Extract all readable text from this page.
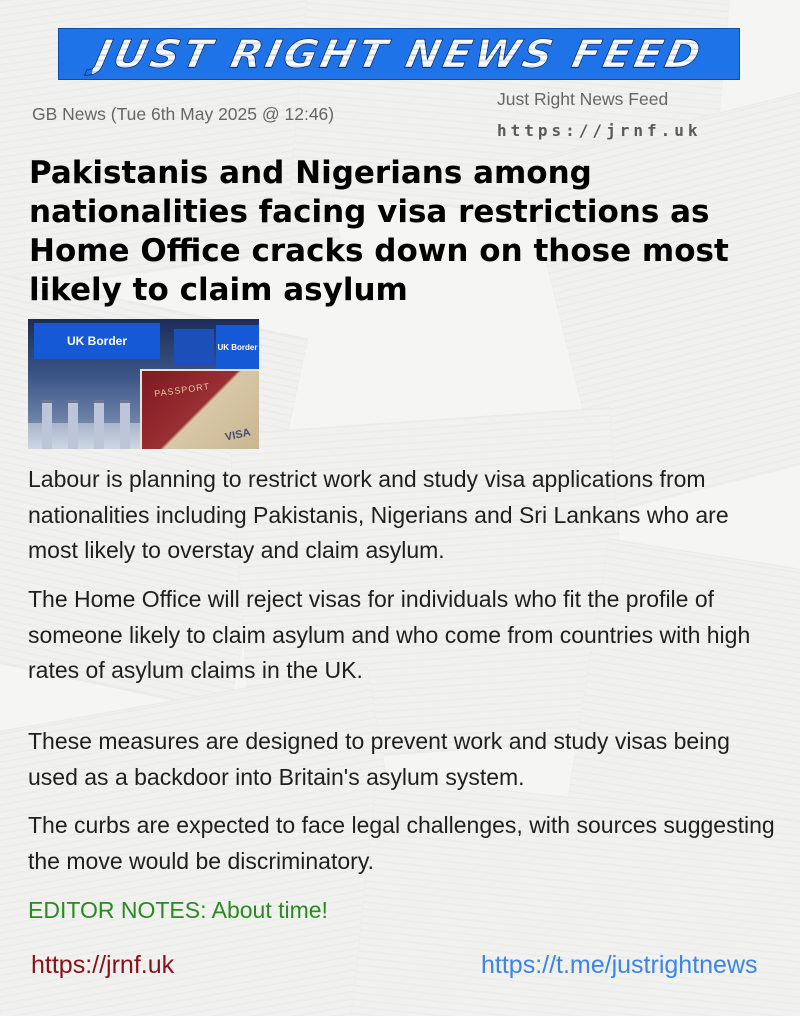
JUST RIGHT NEWS FEED
GB News (Tue 6th May 2025 @ 12:46)
Just Right News Feed
https://jrnf.uk
Pakistanis and Nigerians among nationalities facing visa restrictions as Home Office cracks down on those most likely to claim asylum
UK Border	UK Border
PASSPORT
VISA

Labour is planning to restrict work and study visa applications from nationalities including Pakistanis, Nigerians and Sri Lankans who are most likely to overstay and claim asylum.

The Home Office will reject visas for individuals who fit the profile of someone likely to claim asylum and who come from countries with high rates of asylum claims in the UK.

These measures are designed to prevent work and study visas being used as a backdoor into Britain's asylum system.

The curbs are expected to face legal challenges, with sources suggesting the move would be discriminatory.

EDITOR NOTES: About time!

https://jrnf.uk	https://t.me/justrightnews
